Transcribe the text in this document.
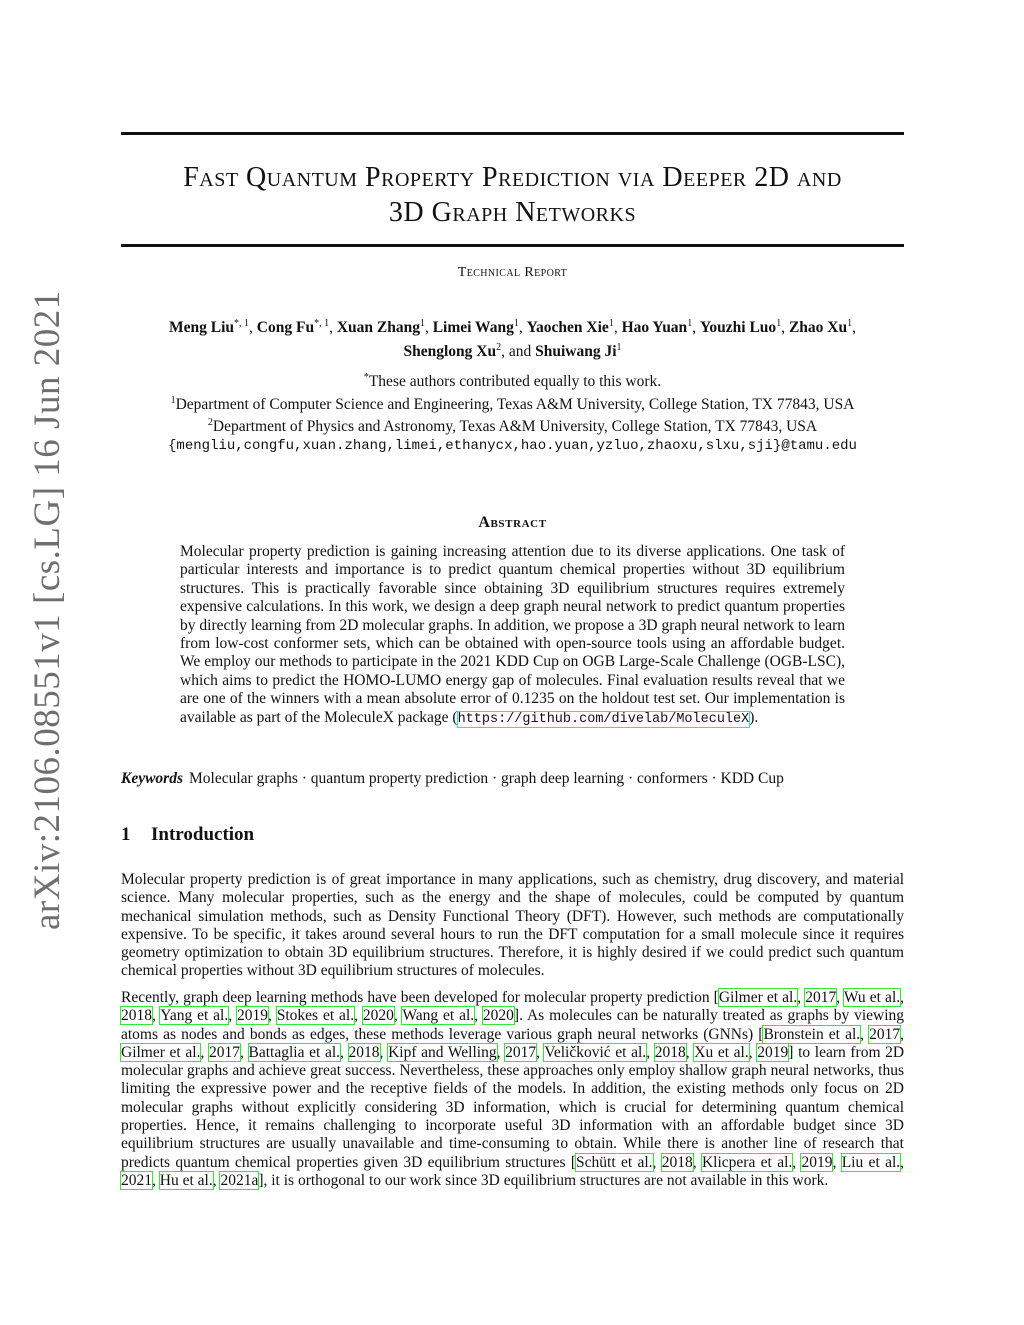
arXiv:2106.08551v1 [cs.LG] 16 Jun 2021
Fast Quantum Property Prediction via Deeper 2D and
3D Graph Networks
Technical Report
Meng Liu$^{*, 1}$, Cong $Fu^{*, 1}$, Xuan Zhang$^1$, Limei Wang$^1$, Yaochen Xie$^1$, Hao Yuan$^1$, Youzhi Luo$^1$, Zhao Xu$^1$,
Shenglong Xu$^2$, and Shuiwang Ji$^1$
*These authors contributed equally to this work.
$^1$Department of Computer Science and Engineering, Texas A&M University, College Station, TX 77843, USA
$^2$Department of Physics and Astronomy, Texas A&M University, College Station, TX 77843, USA
{mengliu,congfu,xuan.zhang,limei,ethanycx,hao.yuan,yzluo,zhaoxu,slxu,sji}@tamu.edu
Abstract
Molecular property prediction is gaining increasing attention due to its diverse applications. One task of particular interests and importance is to predict quantum chemical properties without 3D equilibrium structures. This is practically favorable since obtaining 3D equilibrium structures requires extremely expensive calculations. In this work, we design a deep graph neural network to predict quantum properties by directly learning from 2D molecular graphs. In addition, we propose a 3D graph neural network to learn from low-cost conformer sets, which can be obtained with open-source tools using an affordable budget. We employ our methods to participate in the 2021 KDD Cup on OGB Large-Scale Challenge (OGB-LSC), which aims to predict the HOMO-LUMO energy gap of molecules. Final evaluation results reveal that we are one of the winners with a mean absolute error of 0.1235 on the holdout test set. Our implementation is available as part of the MoleculeX package (https://github.com/divelab/MoleculeX).
Keywords Molecular graphs · quantum property prediction · graph deep learning · conformers · KDD Cup
1 Introduction
Molecular property prediction is of great importance in many applications, such as chemistry, drug discovery, and material science. Many molecular properties, such as the energy and the shape of molecules, could be computed by quantum mechanical simulation methods, such as Density Functional Theory (DFT). However, such methods are computationally expensive. To be specific, it takes around several hours to run the DFT computation for a small molecule since it requires geometry optimization to obtain 3D equilibrium structures. Therefore, it is highly desired if we could predict such quantum chemical properties without 3D equilibrium structures of molecules.
Recently, graph deep learning methods have been developed for molecular property prediction [Gilmer et al., 2017, Wu et al., 2018, Yang et al., 2019, Stokes et al., 2020, Wang et al., 2020]. As molecules can be naturally treated as graphs by viewing atoms as nodes and bonds as edges, these methods leverage various graph neural networks (GNNs) [Bronstein et al., 2017, Gilmer et al., 2017, Battaglia et al., 2018, Kipf and Welling, 2017, Veličković et al., 2018, Xu et al., 2019] to learn from 2D molecular graphs and achieve great success. Nevertheless, these approaches only employ shallow graph neural networks, thus limiting the expressive power and the receptive fields of the models. In addition, the existing methods only focus on 2D molecular graphs without explicitly considering 3D information, which is crucial for determining quantum chemical properties. Hence, it remains challenging to incorporate useful 3D information with an affordable budget since 3D equilibrium structures are usually unavailable and time-consuming to obtain. While there is another line of research that predicts quantum chemical properties given 3D equilibrium structures [Schütt et al., 2018, Klicpera et al., 2019, Liu et al., 2021, Hu et al., 2021a], it is orthogonal to our work since 3D equilibrium structures are not available in this work.
